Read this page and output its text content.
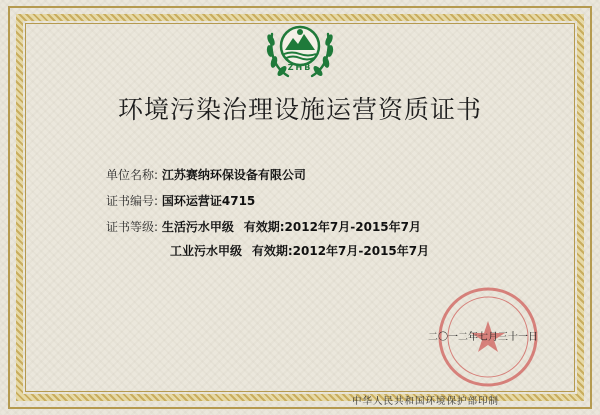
ZHB
环境污染治理设施运营资质证书
单位名称: 江苏赛纳环保设备有限公司
证书编号: 国环运营证4715
证书等级: 生活污水甲级 有效期:2012年7月-2015年7月
工业污水甲级 有效期:2012年7月-2015年7月
二〇一二年七月三十一日
中华人民共和国环境保护部印制
